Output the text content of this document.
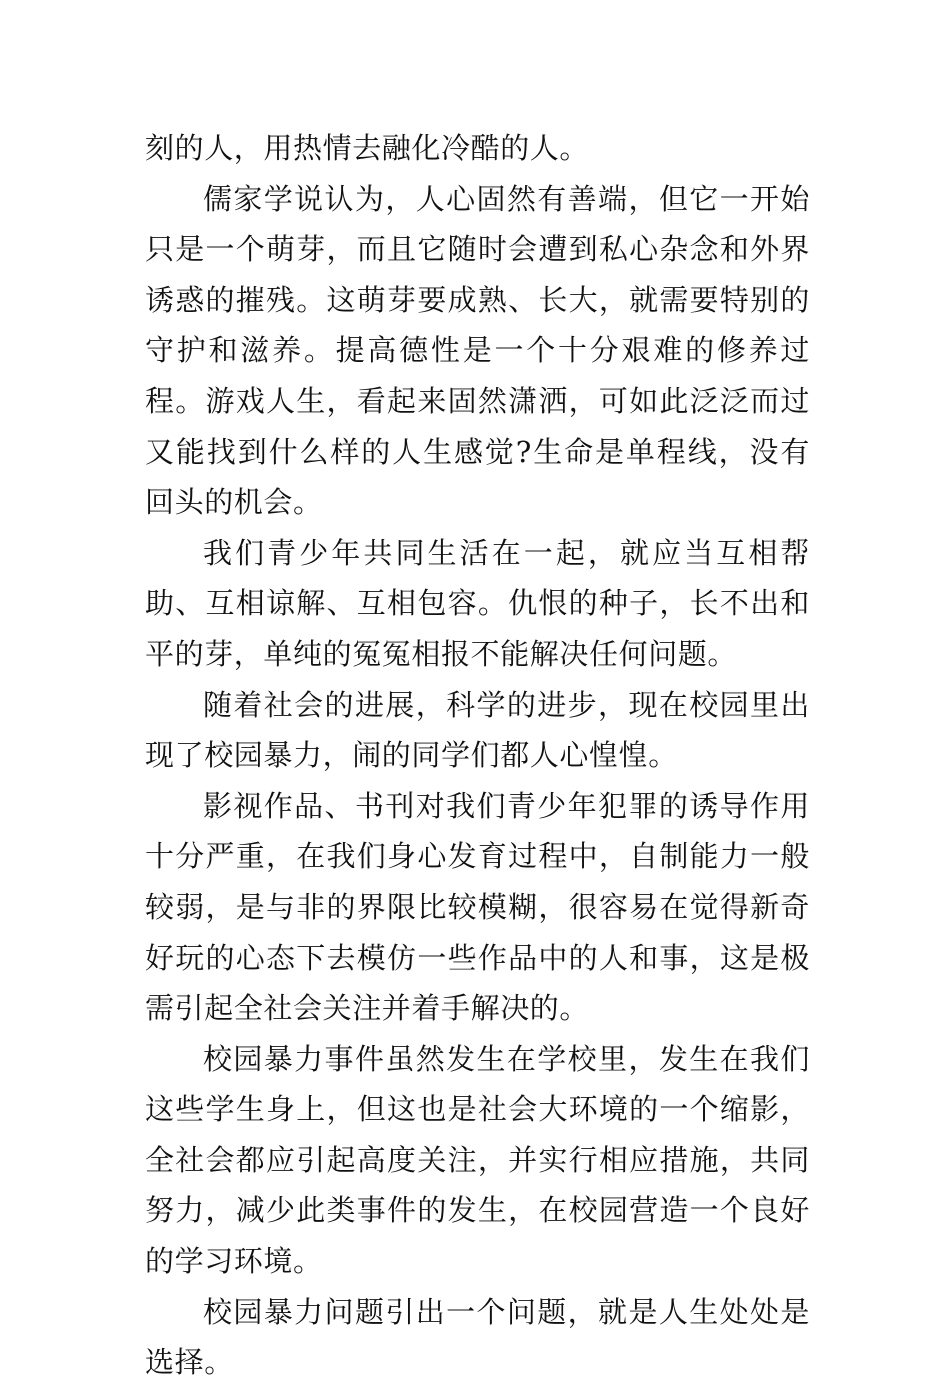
刻的人，用热情去融化冷酷的人。

儒家学说认为，人心固然有善端，但它一开始只是一个萌芽，而且它随时会遭到私心杂念和外界诱惑的摧残。这萌芽要成熟、长大，就需要特别的守护和滋养。提高德性是一个十分艰难的修养过程。游戏人生，看起来固然潇洒，可如此泛泛而过又能找到什么样的人生感觉?生命是单程线，没有回头的机会。

我们青少年共同生活在一起，就应当互相帮助、互相谅解、互相包容。仇恨的种子，长不出和平的芽，单纯的冤冤相报不能解决任何问题。

随着社会的进展，科学的进步，现在校园里出现了校园暴力，闹的同学们都人心惶惶。

影视作品、书刊对我们青少年犯罪的诱导作用十分严重，在我们身心发育过程中，自制能力一般较弱，是与非的界限比较模糊，很容易在觉得新奇好玩的心态下去模仿一些作品中的人和事，这是极需引起全社会关注并着手解决的。

校园暴力事件虽然发生在学校里，发生在我们这些学生身上，但这也是社会大环境的一个缩影，全社会都应引起高度关注，并实行相应措施，共同努力，减少此类事件的发生，在校园营造一个良好的学习环境。

校园暴力问题引出一个问题，就是人生处处是选择。
